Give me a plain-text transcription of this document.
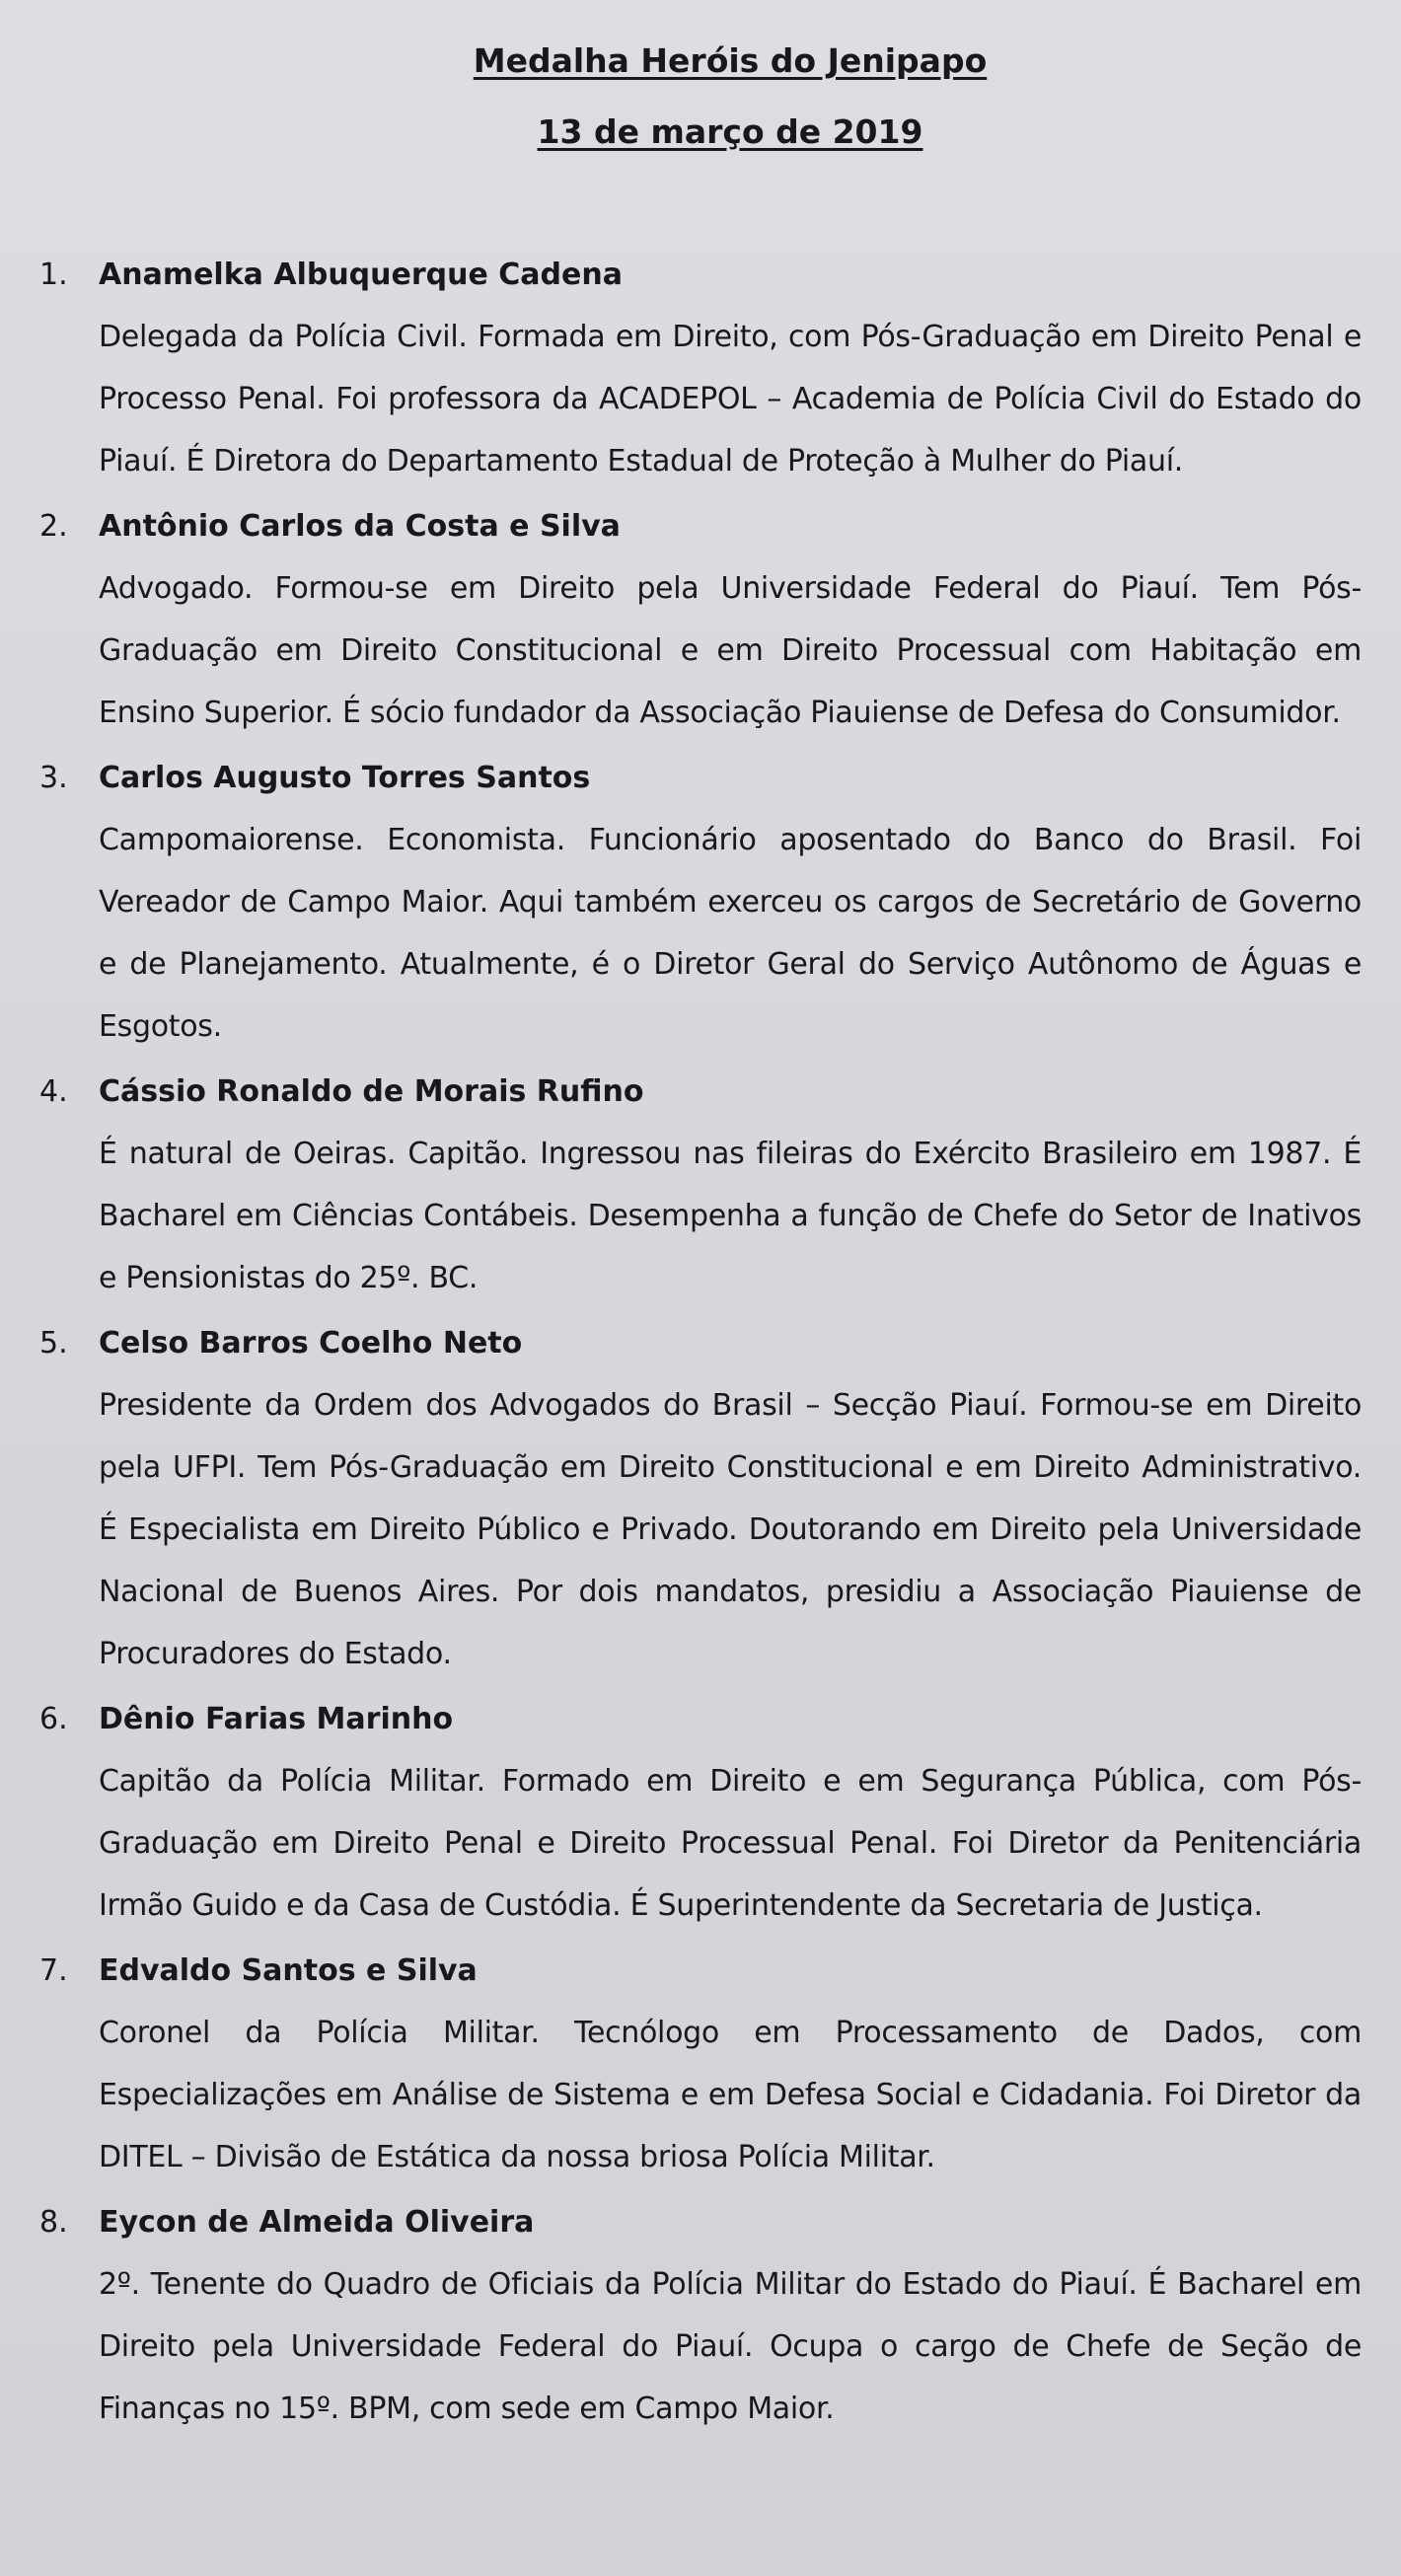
Medalha Heróis do Jenipapo

13 de março de 2019

1.	Anamelka Albuquerque Cadena

Delegada da Polícia Civil. Formada em Direito, com Pós-Graduação em Direito Penal e Processo Penal. Foi professora da ACADEPOL – Academia de Polícia Civil do Estado do Piauí. É Diretora do Departamento Estadual de Proteção à Mulher do Piauí.

2.	Antônio Carlos da Costa e Silva

Advogado. Formou-se em Direito pela Universidade Federal do Piauí. Tem Pós-Graduação em Direito Constitucional e em Direito Processual com Habitação em Ensino Superior. É sócio fundador da Associação Piauiense de Defesa do Consumidor.

3.	Carlos Augusto Torres Santos

Campomaiorense. Economista. Funcionário aposentado do Banco do Brasil. Foi Vereador de Campo Maior. Aqui também exerceu os cargos de Secretário de Governo e de Planejamento. Atualmente, é o Diretor Geral do Serviço Autônomo de Águas e Esgotos.

4.	Cássio Ronaldo de Morais Rufino

É natural de Oeiras. Capitão. Ingressou nas fileiras do Exército Brasileiro em 1987. É Bacharel em Ciências Contábeis. Desempenha a função de Chefe do Setor de Inativos e Pensionistas do 25º. BC.

5.	Celso Barros Coelho Neto

Presidente da Ordem dos Advogados do Brasil – Secção Piauí. Formou-se em Direito pela UFPI. Tem Pós-Graduação em Direito Constitucional e em Direito Administrativo. É Especialista em Direito Público e Privado. Doutorando em Direito pela Universidade Nacional de Buenos Aires. Por dois mandatos, presidiu a Associação Piauiense de Procuradores do Estado.

6.	Dênio Farias Marinho

Capitão da Polícia Militar. Formado em Direito e em Segurança Pública, com Pós-Graduação em Direito Penal e Direito Processual Penal. Foi Diretor da Penitenciária Irmão Guido e da Casa de Custódia. É Superintendente da Secretaria de Justiça.

7.	Edvaldo Santos e Silva

Coronel da Polícia Militar. Tecnólogo em Processamento de Dados, com Especializações em Análise de Sistema e em Defesa Social e Cidadania. Foi Diretor da DITEL – Divisão de Estática da nossa briosa Polícia Militar.

8.	Eycon de Almeida Oliveira

2º. Tenente do Quadro de Oficiais da Polícia Militar do Estado do Piauí. É Bacharel em Direito pela Universidade Federal do Piauí. Ocupa o cargo de Chefe de Seção de Finanças no 15º. BPM, com sede em Campo Maior.
